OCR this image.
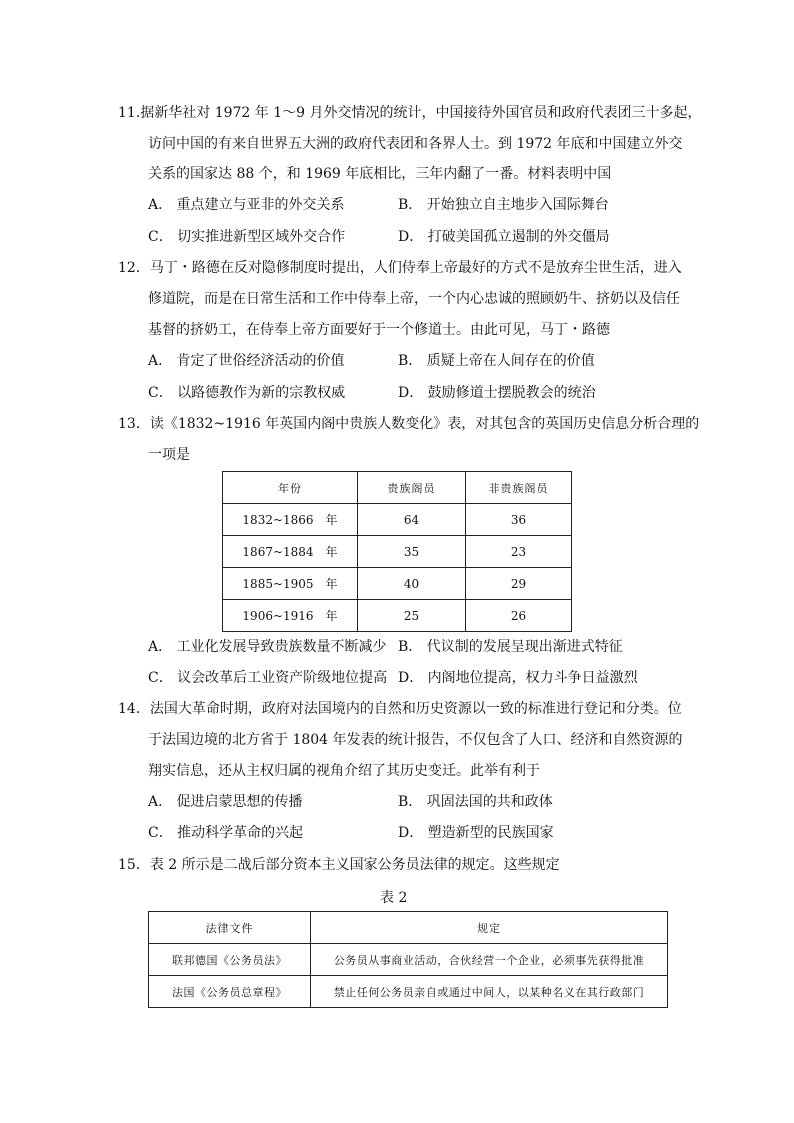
11.据新华社对 1972 年 1～9 月外交情况的统计，中国接待外国官员和政府代表团三十多起，
访问中国的有来自世界五大洲的政府代表团和各界人士。到 1972 年底和中国建立外交
关系的国家达 88 个，和 1969 年底相比，三年内翻了一番。材料表明中国
A． 重点建立与亚非的外交关系	B． 开始独立自主地步入国际舞台
C． 切实推进新型区域外交合作	D． 打破美国孤立遏制的外交僵局
12．马丁・路德在反对隐修制度时提出，人们侍奉上帝最好的方式不是放弃尘世生活，进入
修道院，而是在日常生活和工作中侍奉上帝，一个内心忠诚的照顾奶牛、挤奶以及信任
基督的挤奶工，在侍奉上帝方面要好于一个修道士。由此可见，马丁・路德
A． 肯定了世俗经济活动的价值	B． 质疑上帝在人间存在的价值
C． 以路德教作为新的宗教权威	D． 鼓励修道士摆脱教会的统治
13．读《1832~1916 年英国内阁中贵族人数变化》表，对其包含的英国历史信息分析合理的
一项是
年份	贵族阁员	非贵族阁员
1832~1866　年	64	36
1867~1884　年	35	23
1885~1905　年	40	29
1906~1916　年	25	26
A． 工业化发展导致贵族数量不断减少 B． 代议制的发展呈现出渐进式特征
C． 议会改革后工业资产阶级地位提高 D． 内阁地位提高，权力斗争日益激烈
14．法国大革命时期，政府对法国境内的自然和历史资源以一致的标准进行登记和分类。位
于法国边境的北方省于 1804 年发表的统计报告，不仅包含了人口、经济和自然资源的
翔实信息，还从主权归属的视角介绍了其历史变迁。此举有利于
A． 促进启蒙思想的传播	B． 巩固法国的共和政体
C． 推动科学革命的兴起	D． 塑造新型的民族国家
15．表 2 所示是二战后部分资本主义国家公务员法律的规定。这些规定
表 2
法律文件	规定
联邦德国《公务员法》	公务员从事商业活动，合伙经营一个企业，必须事先获得批准
法国《公务员总章程》	禁止任何公务员亲自或通过中间人，以某种名义在其行政部门
